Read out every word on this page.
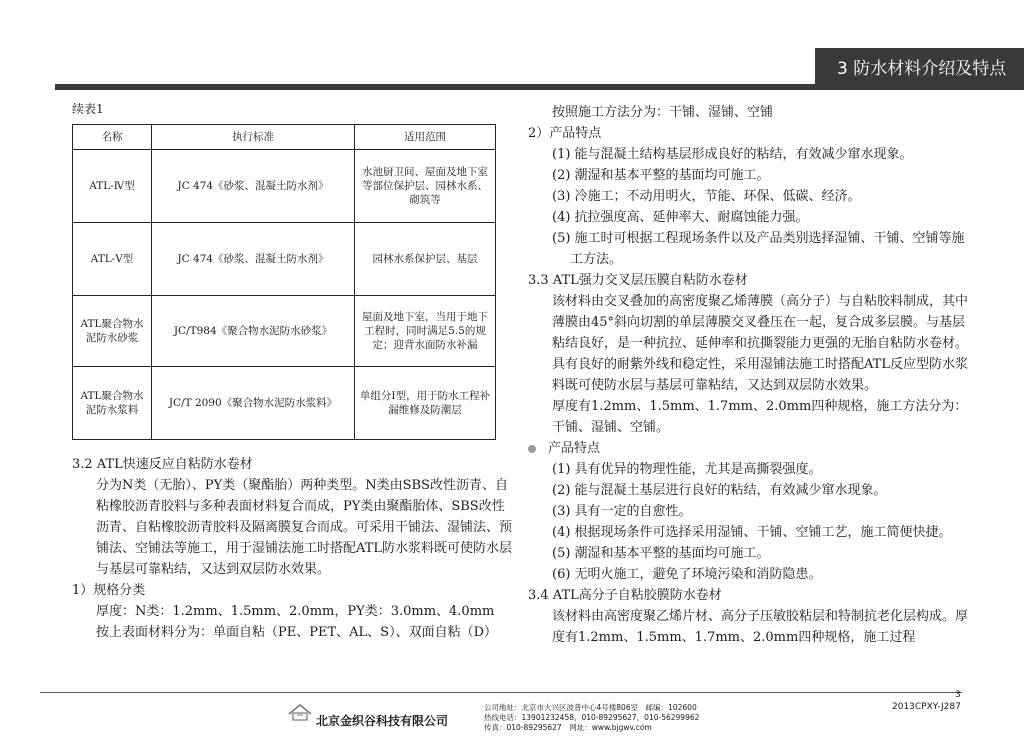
3 防水材料介绍及特点

续表1

名称	执行标准	适用范围
ATL-Ⅳ型	JC 474《砂浆、混凝土防水剂》	水池厨卫间、屋面及地下室等部位保护层、园林水系、砌筑等
ATL-Ⅴ型	JC 474《砂浆、混凝土防水剂》	园林水系保护层、基层
ATL聚合物水泥防水砂浆	JC/T984《聚合物水泥防水砂浆》	屋面及地下室，当用于地下工程时，同时满足5.5的规定；迎背水面防水补漏
ATL聚合物水泥防水浆料	JC/T 2090《聚合物水泥防水浆料》	单组分Ⅰ型，用于防水工程补漏维修及防潮层

3.2 ATL快速反应自粘防水卷材

分为N类（无胎）、PY类（聚酯胎）两种类型。N类由SBS改性沥青、自粘橡胶沥青胶料与多种表面材料复合而成，PY类由聚酯胎体、SBS改性沥青、自粘橡胶沥青胶料及隔离膜复合而成。可采用干铺法、湿铺法、预铺法、空铺法等施工，用于湿铺法施工时搭配ATL防水浆料既可使防水层与基层可靠粘结，又达到双层防水效果。

1）规格分类

厚度：N类：1.2mm、1.5mm、2.0mm，PY类：3.0mm、4.0mm

按上表面材料分为：单面自粘（PE、PET、AL、S）、双面自粘（D）

按照施工方法分为：干铺、湿铺、空铺

2）产品特点

(1) 能与混凝土结构基层形成良好的粘结，有效减少窜水现象。

(2) 潮湿和基本平整的基面均可施工。

(3) 冷施工；不动用明火，节能、环保、低碳、经济。

(4) 抗拉强度高、延伸率大、耐腐蚀能力强。

(5) 施工时可根据工程现场条件以及产品类别选择湿铺、干铺、空铺等施工方法。

3.3 ATL强力交叉层压膜自粘防水卷材

该材料由交叉叠加的高密度聚乙烯薄膜（高分子）与自粘胶料制成，其中薄膜由45°斜向切割的单层薄膜交叉叠压在一起，复合成多层膜。与基层粘结良好，是一种抗拉、延伸率和抗撕裂能力更强的无胎自粘防水卷材。具有良好的耐紫外线和稳定性，采用湿铺法施工时搭配ATL反应型防水浆料既可使防水层与基层可靠粘结，又达到双层防水效果。

厚度有1.2mm、1.5mm、1.7mm、2.0mm四种规格，施工方法分为：干铺、湿铺、空铺。

产品特点

(1) 具有优异的物理性能，尤其是高撕裂强度。

(2) 能与混凝土基层进行良好的粘结，有效减少窜水现象。

(3) 具有一定的自愈性。

(4) 根据现场条件可选择采用湿铺、干铺、空铺工艺，施工简便快捷。

(5) 潮湿和基本平整的基面均可施工。

(6) 无明火施工，避免了环境污染和消防隐患。

3.4 ATL高分子自粘胶膜防水卷材

该材料由高密度聚乙烯片材、高分子压敏胶粘层和特制抗老化层构成。厚度有1.2mm、1.5mm、1.7mm、2.0mm四种规格，施工过程

3
2013CPXY-J287
北京金织谷科技有限公司
公司地址：北京市大兴区波普中心4号楼806室　邮编：102600
热线电话：13901232458，010-89295627，010-56299962
传真：010-89295627　网址：www.bjgwv.com
